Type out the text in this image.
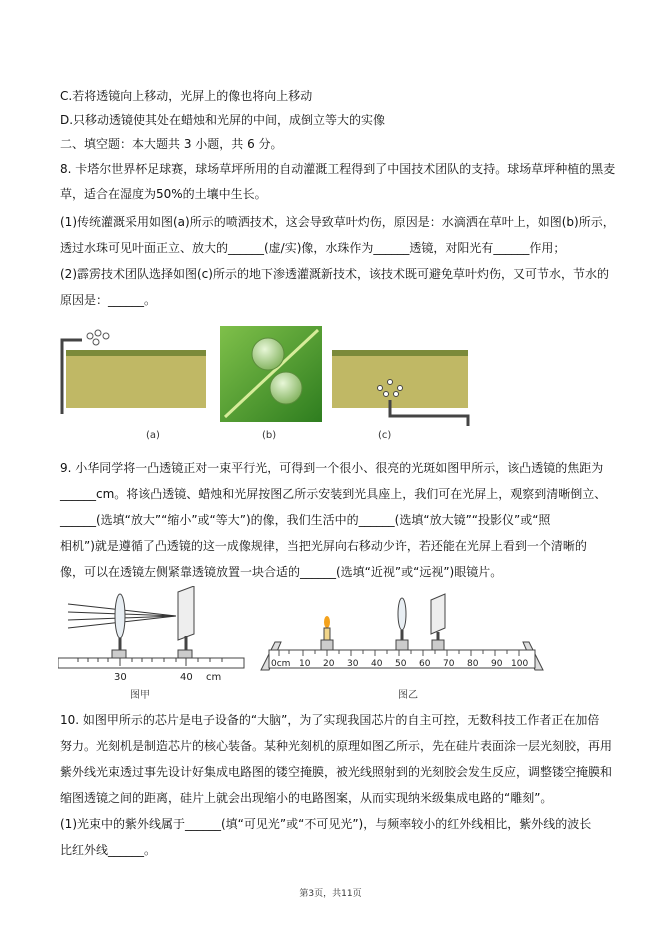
C.若将透镜向上移动，光屏上的像也将向上移动
D.只移动透镜使其处在蜡烛和光屏的中间，成倒立等大的实像
二、填空题：本大题共 3 小题，共 6 分。
8. 卡塔尔世界杯足球赛，球场草坪所用的自动灌溉工程得到了中国技术团队的支持。球场草坪种植的黑麦
草，适合在湿度为50%的土壤中生长。
(1)传统灌溉采用如图(a)所示的喷洒技术，这会导致草叶灼伤，原因是：水滴洒在草叶上，如图(b)所示，
透过水珠可见叶面正立、放大的______(虚/实)像，水珠作为______透镜，对阳光有______作用；
(2)霹雳技术团队选择如图(c)所示的地下渗透灌溉新技术，该技术既可避免草叶灼伤，又可节水，节水的
原因是：______。
(a)	(b)	(c)
9. 小华同学将一凸透镜正对一束平行光，可得到一个很小、很亮的光斑如图甲所示，该凸透镜的焦距为
______cm。将该凸透镜、蜡烛和光屏按图乙所示安装到光具座上，我们可在光屏上，观察到清晰倒立、
______(选填“放大”“缩小”或“等大”)的像，我们生活中的______(选填“放大镜”“投影仪”或“照
相机”)就是遵循了凸透镜的这一成像规律，当把光屏向右移动少许，若还能在光屏上看到一个清晰的
像，可以在透镜左侧紧靠透镜放置一块合适的______(选填“近视”或“远视”)眼镜片。
30	40 cm
图甲
0cm 10 20 30 40 50 60 70 80 90 100
图乙
10. 如图甲所示的芯片是电子设备的“大脑”，为了实现我国芯片的自主可控，无数科技工作者正在加倍
努力。光刻机是制造芯片的核心装备。某种光刻机的原理如图乙所示，先在硅片表面涂一层光刻胶，再用
紫外线光束透过事先设计好集成电路图的镂空掩膜，被光线照射到的光刻胶会发生反应，调整镂空掩膜和
缩图透镜之间的距离，硅片上就会出现缩小的电路图案，从而实现纳米级集成电路的“雕刻”。
(1)光束中的紫外线属于______(填“可见光”或“不可见光”)，与频率较小的红外线相比，紫外线的波长
比红外线______。
第3页，共11页
